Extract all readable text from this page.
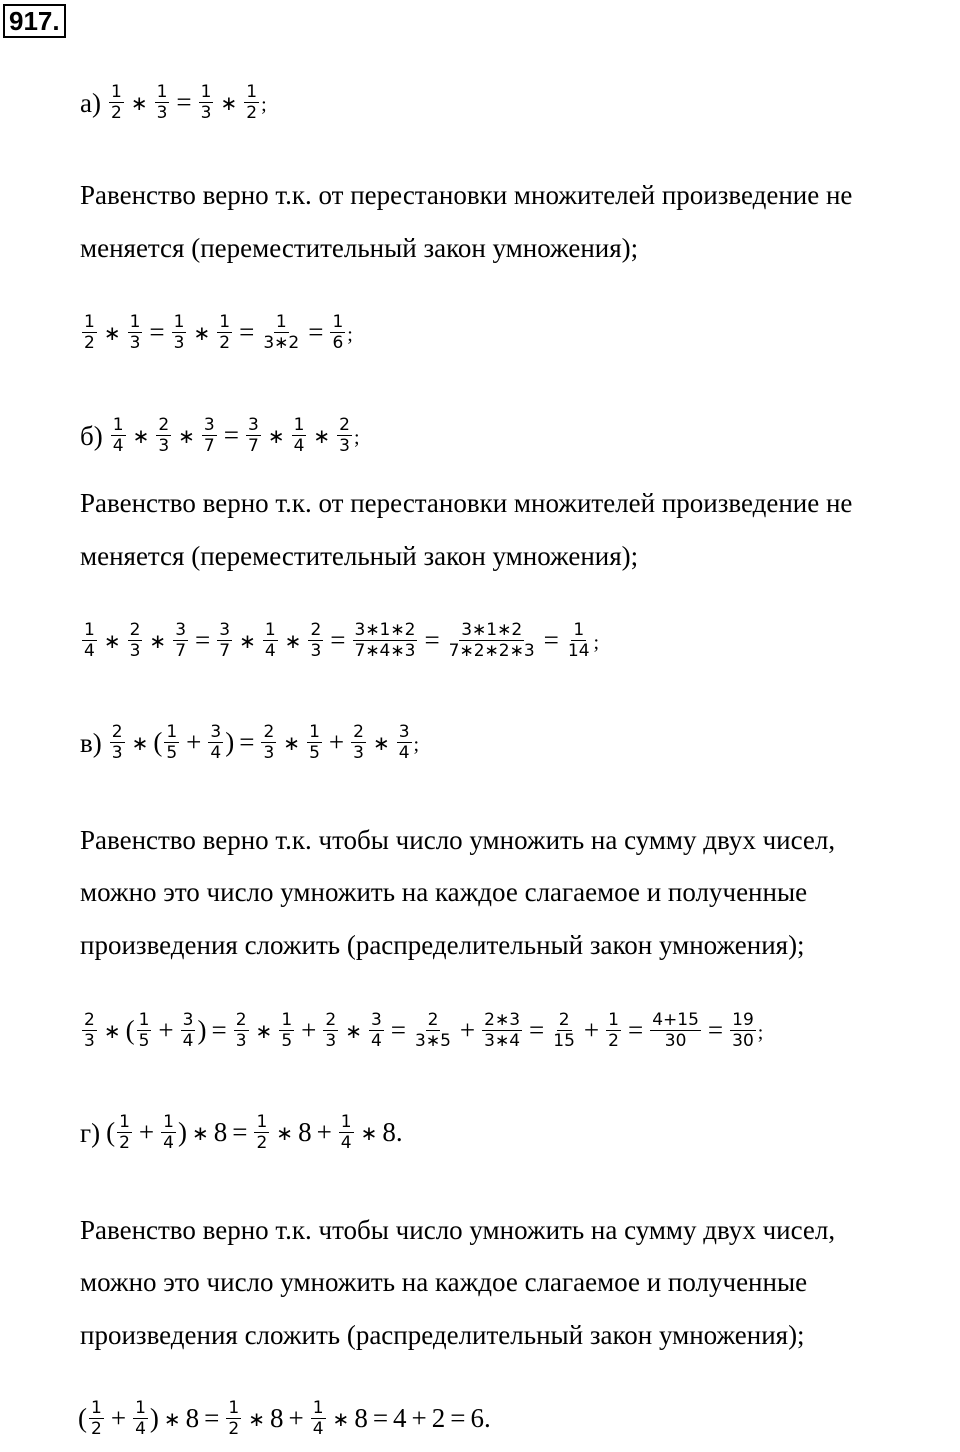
917.
$а) \frac{1}{2}$ ∗ $\frac{1}{3} = \frac{1}{3}$ ∗ $\frac{1}{2}$ ;
Равенство верно т.к. от перестановки множителей произведение не
меняется (переместительный закон умножения);
$\frac{1}{2}$ ∗ $\frac{1}{3} = \frac{1}{3}$ ∗ $\frac{1}{2} = \frac{1}{3∗2} = \frac{1}{6}$ ;
$б) \frac{1}{4}$ ∗ $\frac{2}{3}$ ∗ $\frac{3}{7} = \frac{3}{7}$ ∗ $\frac{1}{4}$ ∗ $\frac{2}{3}$ ;
Равенство верно т.к. от перестановки множителей произведение не
меняется (переместительный закон умножения);
$\frac{1}{4}$ ∗ $\frac{2}{3}$ ∗ $\frac{3}{7} = \frac{3}{7}$ ∗ $\frac{1}{4}$ ∗ $\frac{2}{3} = \frac{3∗1∗2}{7∗4∗3} = \frac{3∗1∗2}{7∗2∗2∗3} = \frac{1}{14}$ ;
$в) \frac{2}{3}$ ∗ ( $\frac{1}{5} + \frac{3}{4}$ ) = $\frac{2}{3}$ ∗ $\frac{1}{5} + \frac{2}{3}$ ∗ $\frac{3}{4}$ ;
Равенство верно т.к. чтобы число умножить на сумму двух чисел,
можно это число умножить на каждое слагаемое и полученные
произведения сложить (распределительный закон умножения);
$\frac{2}{3}$ ∗ ( $\frac{1}{5} + \frac{3}{4}$ ) = $\frac{2}{3}$ ∗ $\frac{1}{5} + \frac{2}{3}$ ∗ $\frac{3}{4} = \frac{2}{3∗5} + \frac{2∗3}{3∗4} = \frac{2}{15} + \frac{1}{2} = \frac{4+15}{30} = \frac{19}{30}$ ;
г) ( $\frac{1}{2} + \frac{1}{4}$ ) ∗ $8 = \frac{1}{2}$ ∗ $8 + \frac{1}{4}$ ∗ 8 .
Равенство верно т.к. чтобы число умножить на сумму двух чисел,
можно это число умножить на каждое слагаемое и полученные
произведения сложить (распределительный закон умножения);
( $\frac{1}{2} + \frac{1}{4}$ ) ∗ $8 = \frac{1}{2}$ ∗ $8 + \frac{1}{4}$ ∗ 8 = 4 + 2 = 6 .
